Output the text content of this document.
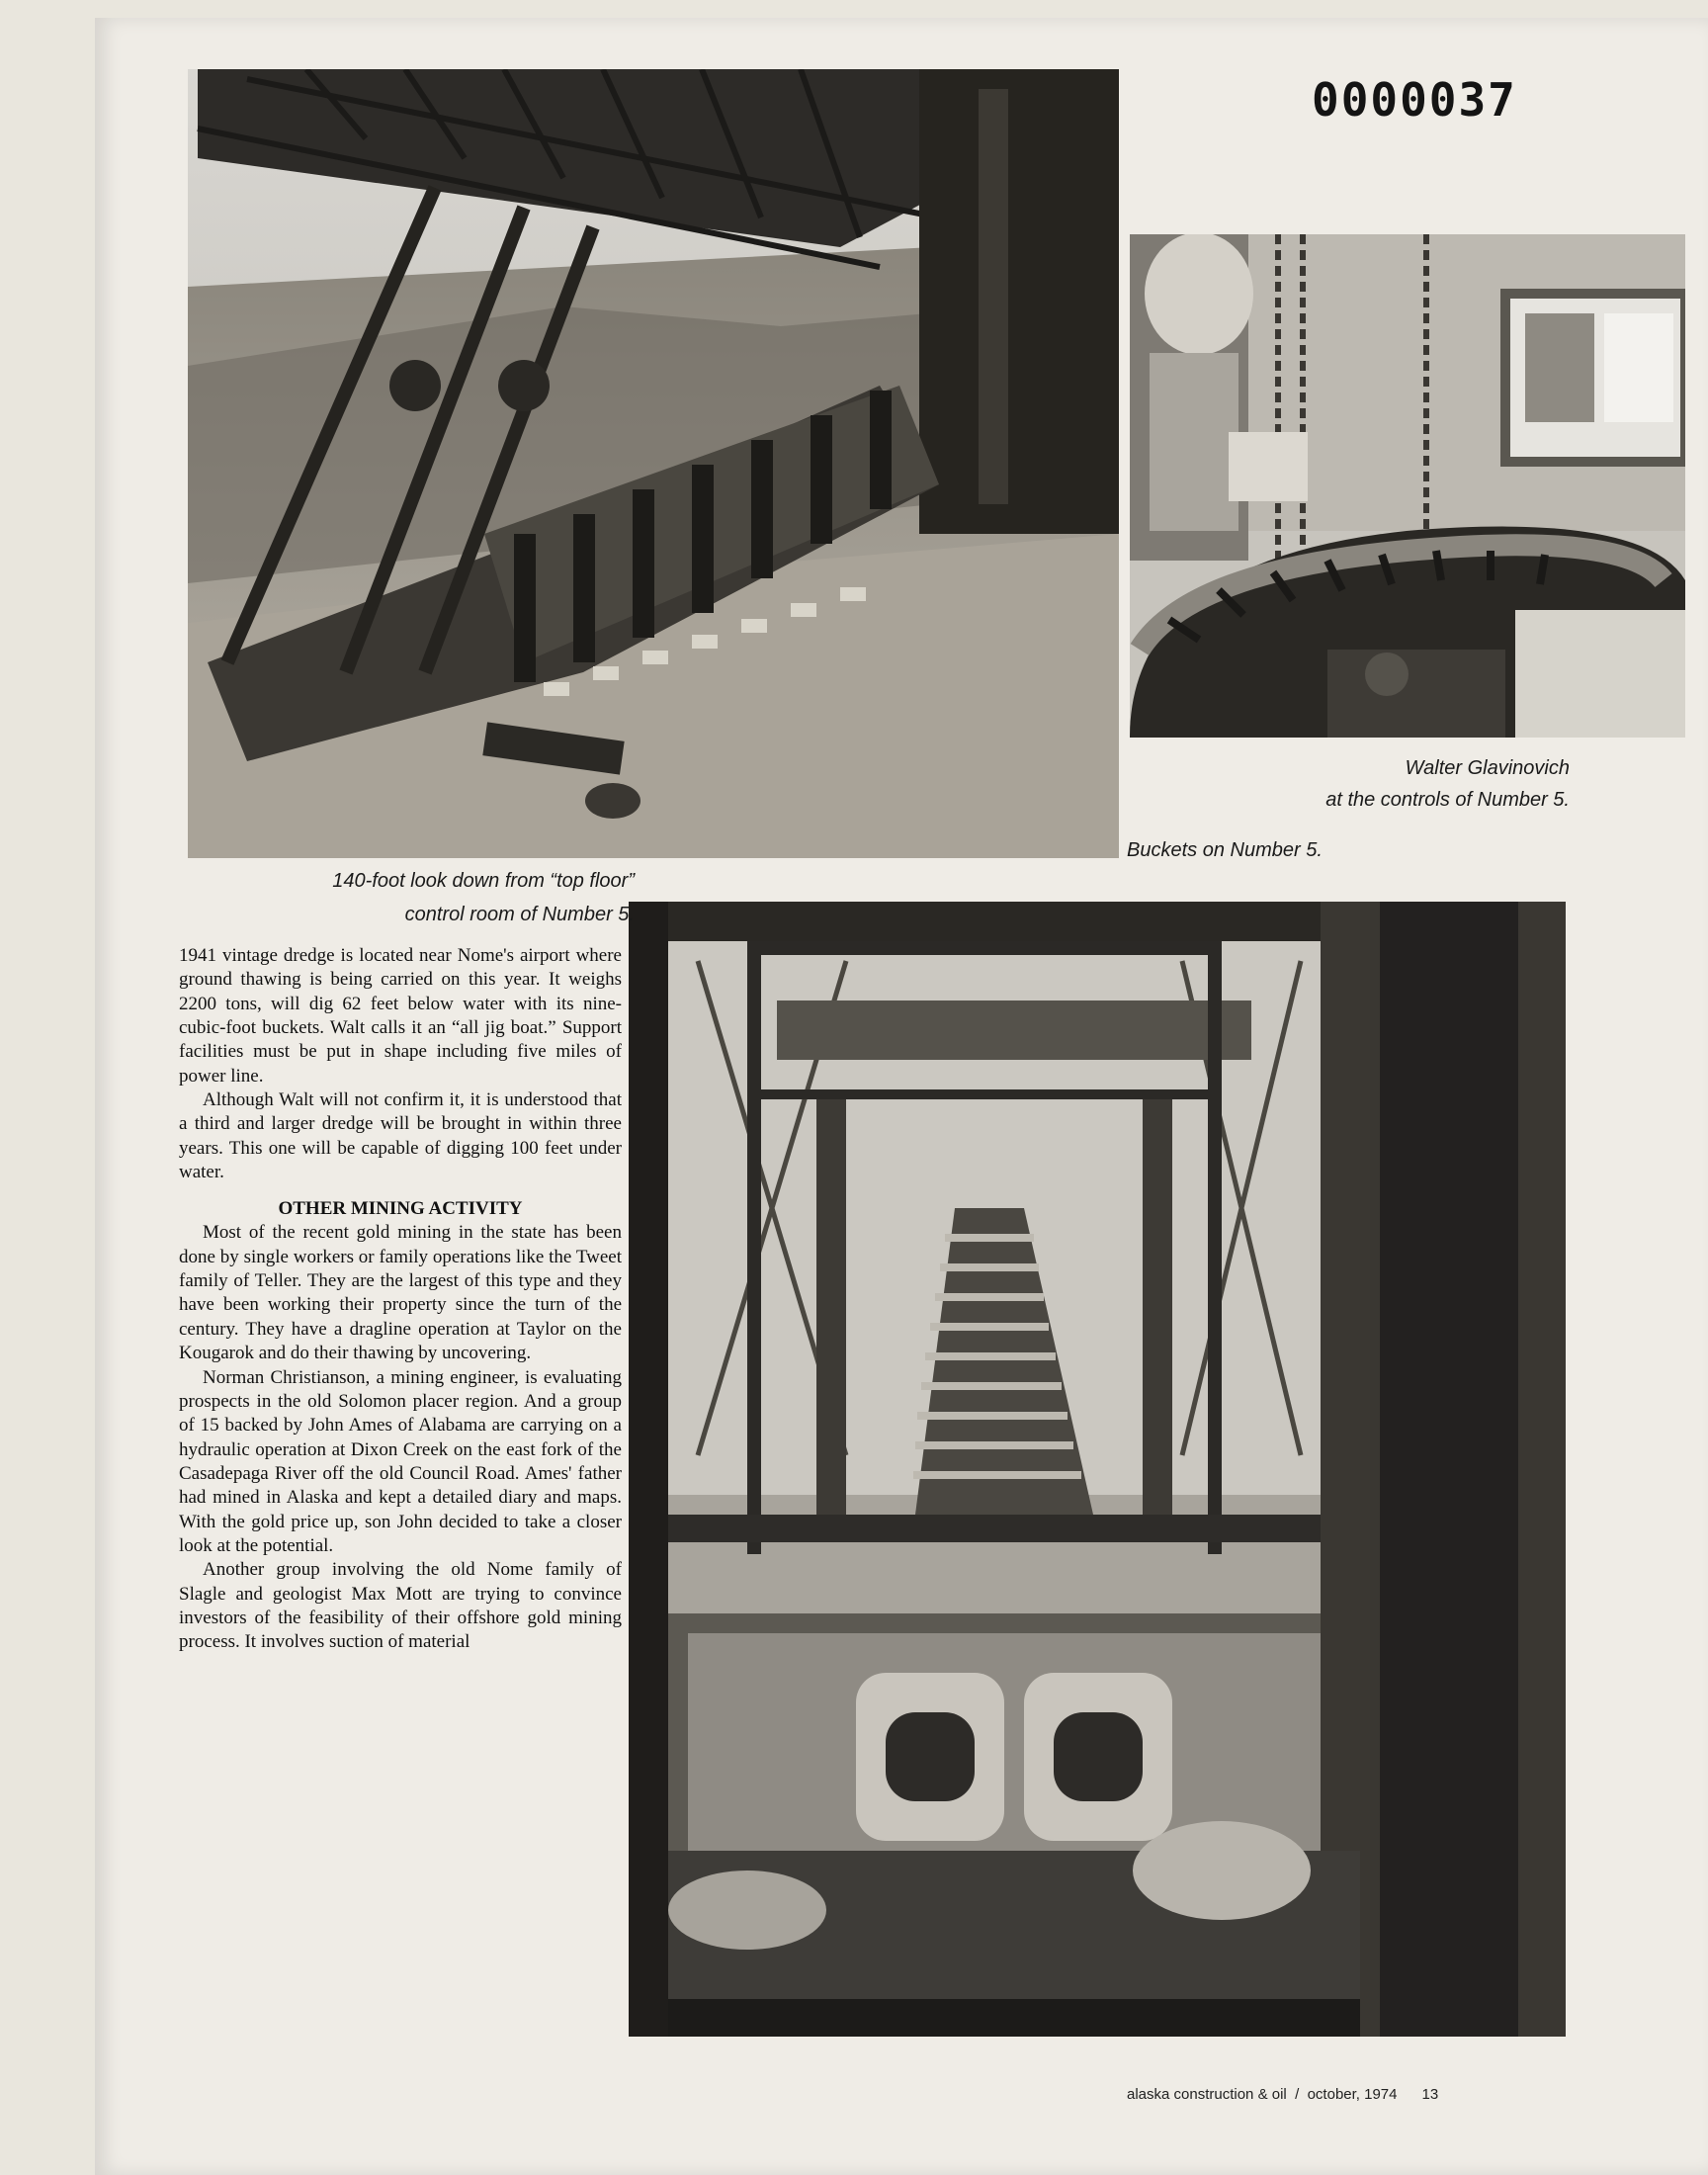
0000037
Walter Glavinovich
at the controls of Number 5.
Buckets on Number 5.
140-foot look down from “top floor”
control room of Number 5.

1941 vintage dredge is located near Nome's airport where ground thawing is being carried on this year. It weighs 2200 tons, will dig 62 feet below water with its nine-cubic-foot buckets. Walt calls it an “all jig boat.” Support facilities must be put in shape including five miles of power line.

Although Walt will not confirm it, it is understood that a third and larger dredge will be brought in within three years. This one will be capable of digging 100 feet under water.

OTHER MINING ACTIVITY

Most of the recent gold mining in the state has been done by single workers or family operations like the Tweet family of Teller. They are the largest of this type and they have been working their property since the turn of the century. They have a dragline operation at Taylor on the Kougarok and do their thawing by uncovering.

Norman Christianson, a mining engineer, is evaluating prospects in the old Solomon placer region. And a group of 15 backed by John Ames of Alabama are carrying on a hydraulic operation at Dixon Creek on the east fork of the Casadepaga River off the old Council Road. Ames' father had mined in Alaska and kept a detailed diary and maps. With the gold price up, son John decided to take a closer look at the potential.

Another group involving the old Nome family of Slagle and geologist Max Mott are trying to convince investors of the feasibility of their offshore gold mining process. It involves suction of material

alaska construction & oil  /  october, 1974 13
